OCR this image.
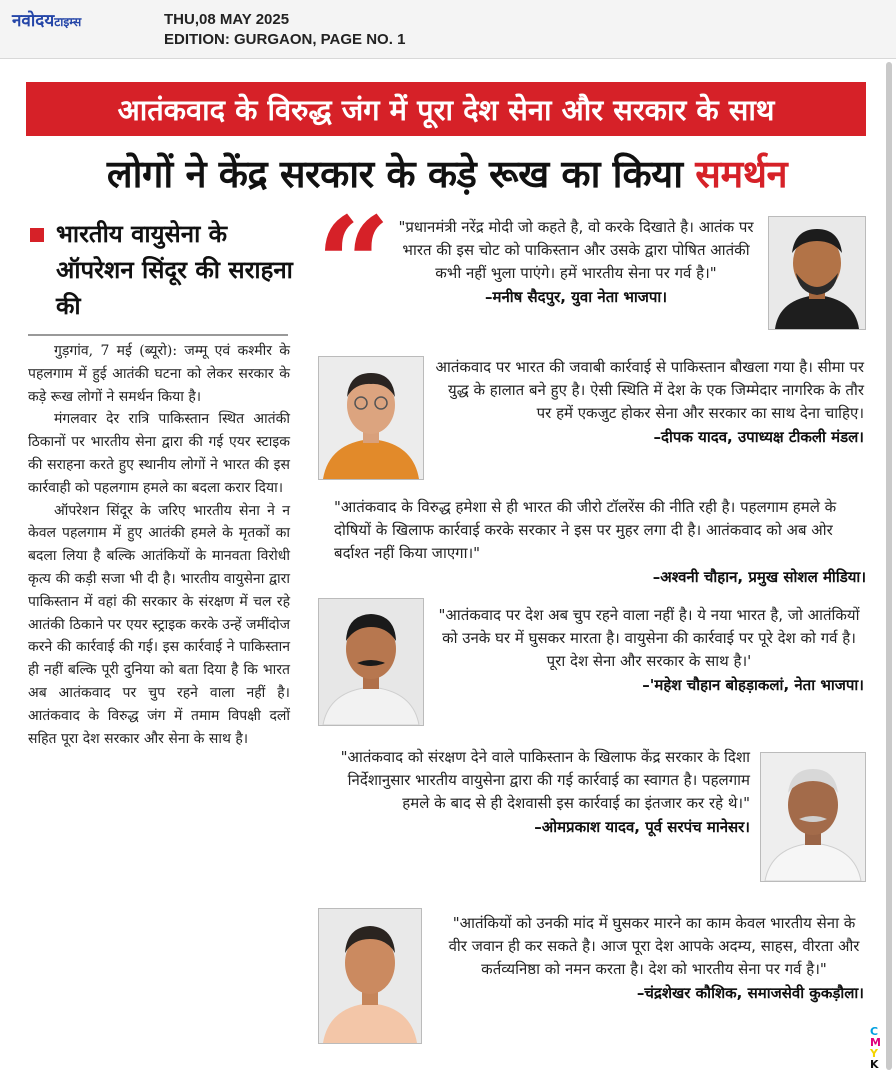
नवोदयटाइम्स	THU,08 MAY 2025
EDITION: GURGAON, PAGE NO. 1
आतंकवाद के विरुद्ध जंग में पूरा देश सेना और सरकार के साथ
लोगों ने केंद्र सरकार के कड़े रूख का किया समर्थन
भारतीय वायुसेना के ऑपरेशन सिंदूर की सराहना की

गुड़गांव, 7 मई (ब्यूरो): जम्मू एवं कश्मीर के पहलगाम में हुई आतंकी घटना को लेकर सरकार के कड़े रूख लोगों ने समर्थन किया है।

मंगलवार देर रात्रि पाकिस्तान स्थित आतंकी ठिकानों पर भारतीय सेना द्वारा की गई एयर स्टाइक की सराहना करते हुए स्थानीय लोगों ने भारत की इस कार्रवाही को पहलगाम हमले का बदला करार दिया।

ऑपरेशन सिंदूर के जरिए भारतीय सेना ने न केवल पहलगाम में हुए आतंकी हमले के मृतकों का बदला लिया है बल्कि आतंकियों के मानवता विरोधी कृत्य की कड़ी सजा भी दी है। भारतीय वायुसेना द्वारा पाकिस्तान में वहां की सरकार के संरक्षण में चल रहे आतंकी ठिकाने पर एयर स्ट्राइक करके उन्हें जमींदोज करने की कार्रवाई की गई। इस कार्रवाई ने पाकिस्तान ही नहीं बल्कि पूरी दुनिया को बता दिया है कि भारत अब आतंकवाद पर चुप रहने वाला नहीं है। आतंकवाद के विरुद्ध जंग में तमाम विपक्षी दलों सहित पूरा देश सरकार और सेना के साथ है।

“ "प्रधानमंत्री नरेंद्र मोदी जो कहते है, वो करके दिखाते है। आतंक पर भारत की इस चोट को पाकिस्तान और उसके द्वारा पोषित आतंकी कभी नहीं भुला पाएंगे। हमें भारतीय सेना पर गर्व है।"

–मनीष सैदपुर, युवा नेता भाजपा।

आतंकवाद पर भारत की जवाबी कार्रवाई से पाकिस्तान बौखला गया है। सीमा पर युद्ध के हालात बने हुए है। ऐसी स्थिति में देश के एक जिम्मेदार नागरिक के तौर पर हमें एकजुट होकर सेना और सरकार का साथ देना चाहिए।

–दीपक यादव, उपाध्यक्ष टीकली मंडल।

"आतंकवाद के विरुद्ध हमेशा से ही भारत की जीरो टॉलरेंस की नीति रही है। पहलगाम हमले के दोषियों के खिलाफ कार्रवाई करके सरकार ने इस पर मुहर लगा दी है। आतंकवाद को अब ओर बर्दाश्त नहीं किया जाएगा।"

–अश्वनी चौहान, प्रमुख सोशल मीडिया।

"आतंकवाद पर देश अब चुप रहने वाला नहीं है। ये नया भारत है, जो आतंकियों को उनके घर में घुसकर मारता है। वायुसेना की कार्रवाई पर पूरे देश को गर्व है। पूरा देश सेना और सरकार के साथ है।'

–'महेश चौहान बोहड़ाकलां, नेता भाजपा।

"आतंकवाद को संरक्षण देने वाले पाकिस्तान के खिलाफ केंद्र सरकार के दिशा निर्देशानुसार भारतीय वायुसेना द्वारा की गई कार्रवाई का स्वागत है। पहलगाम हमले के बाद से ही देशवासी इस कार्रवाई का इंतजार कर रहे थे।"

–ओमप्रकाश यादव, पूर्व सरपंच मानेसर।

"आतंकियों को उनकी मांद में घुसकर मारने का काम केवल भारतीय सेना के वीर जवान ही कर सकते है। आज पूरा देश आपके अदम्य, साहस, वीरता और कर्तव्यनिष्ठा को नमन करता है। देश को भारतीय सेना पर गर्व है।"

–चंद्रशेखर कौशिक, समाजसेवी कुकड़ौला।
C
M
Y
K
